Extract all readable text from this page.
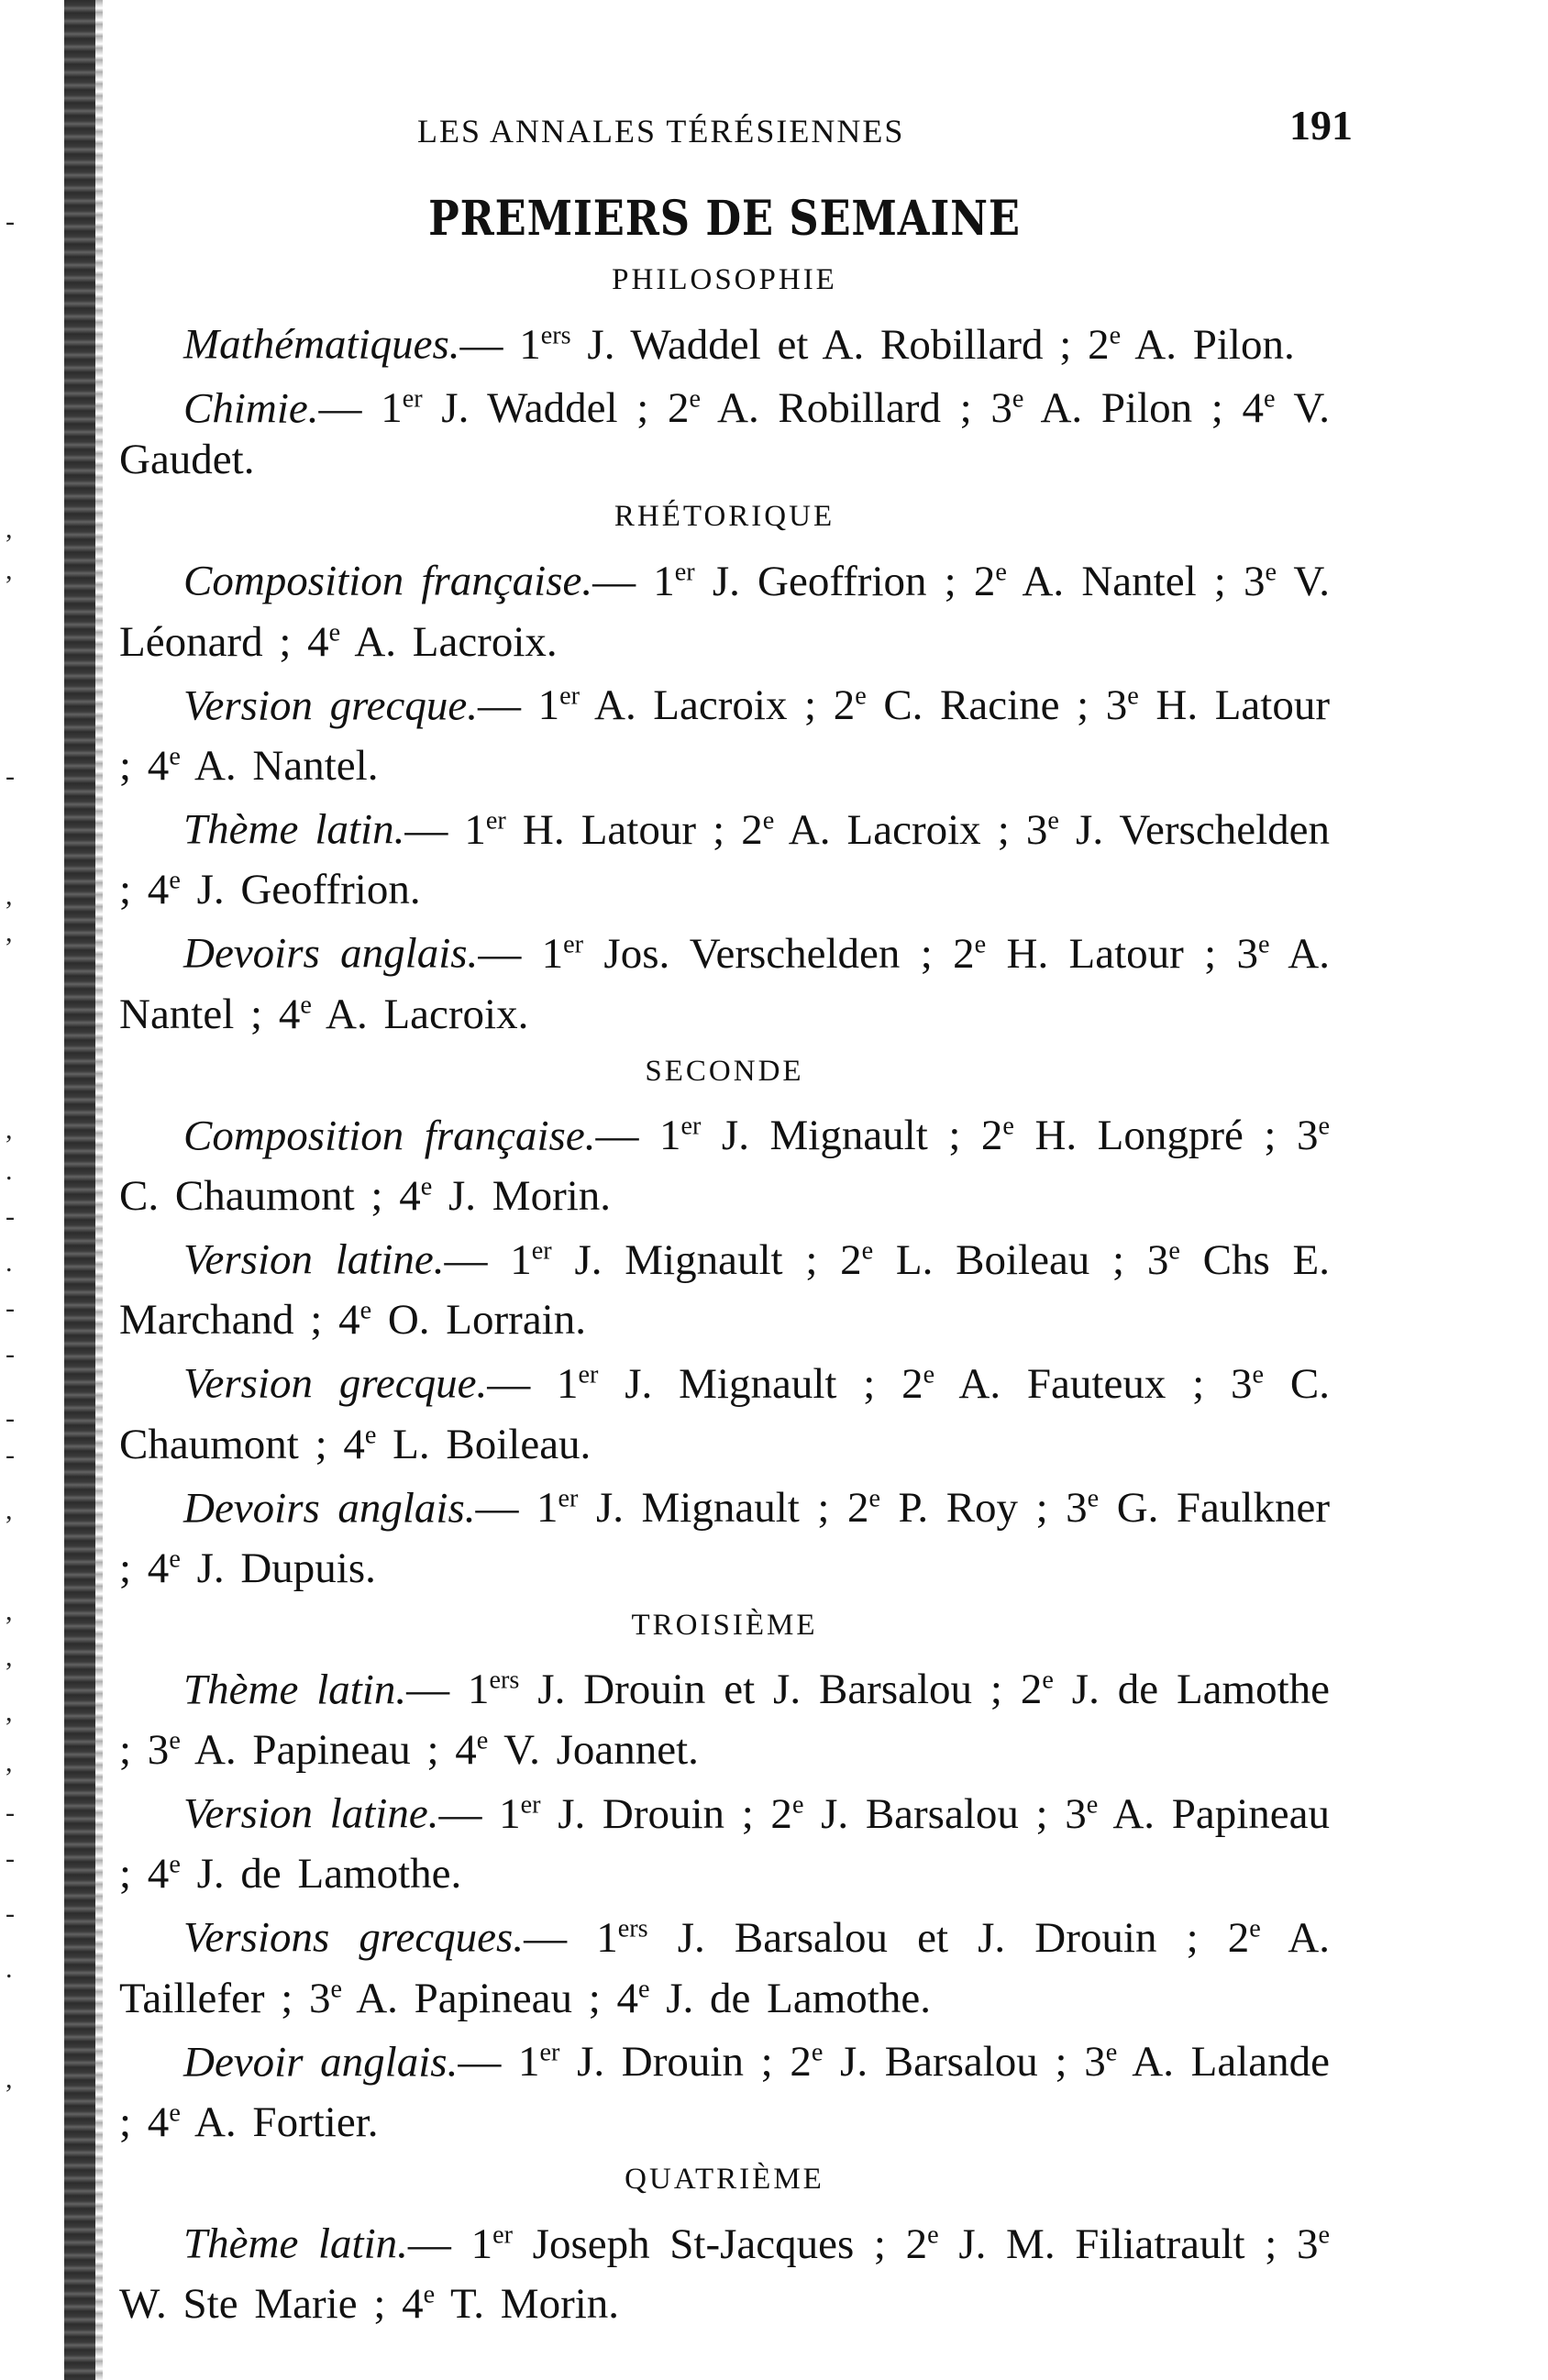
-
,
,
-
,
,
,
.
-
.
-
-
-
-
,
,
,
,
,
-
-
-
.
,
LES ANNALES TÉRÉSIENNES	191
PREMIERS DE SEMAINE
PHILOSOPHIE

Mathématiques.— 1ers J. Waddel et A. Robillard ; 2e A. Pilon.

Chimie.— 1er J. Waddel ; 2e A. Robillard ; 3e A. Pilon ; 4e V. Gaudet.

RHÉTORIQUE

Composition française.— 1er J. Geoffrion ; 2e A. Nantel ; 3e V. Léonard ; 4e A. Lacroix.

Version grecque.— 1er A. Lacroix ; 2e C. Racine ; 3e H. Latour ; 4e A. Nantel.

Thème latin.— 1er H. Latour ; 2e A. Lacroix ; 3e J. Verschelden ; 4e J. Geoffrion.

Devoirs anglais.— 1er Jos. Verschelden ; 2e H. Latour ; 3e A. Nantel ; 4e A. Lacroix.

SECONDE

Composition française.— 1er J. Mignault ; 2e H. Longpré ; 3e C. Chaumont ; 4e J. Morin.

Version latine.— 1er J. Mignault ; 2e L. Boileau ; 3e Chs E. Marchand ; 4e O. Lorrain.

Version grecque.— 1er J. Mignault ; 2e A. Fauteux ; 3e C. Chaumont ; 4e L. Boileau.

Devoirs anglais.— 1er J. Mignault ; 2e P. Roy ; 3e G. Faulkner ; 4e J. Dupuis.

TROISIÈME

Thème latin.— 1ers J. Drouin et J. Barsalou ; 2e J. de Lamothe ; 3e A. Papineau ; 4e V. Joannet.

Version latine.— 1er J. Drouin ; 2e J. Barsalou ; 3e A. Papineau ; 4e J. de Lamothe.

Versions grecques.— 1ers J. Barsalou et J. Drouin ; 2e A. Taillefer ; 3e A. Papineau ; 4e J. de Lamothe.

Devoir anglais.— 1er J. Drouin ; 2e J. Barsalou ; 3e A. Lalande ; 4e A. Fortier.

QUATRIÈME

Thème latin.— 1er Joseph St-Jacques ; 2e J. M. Filiatrault ; 3e W. Ste Marie ; 4e T. Morin.
